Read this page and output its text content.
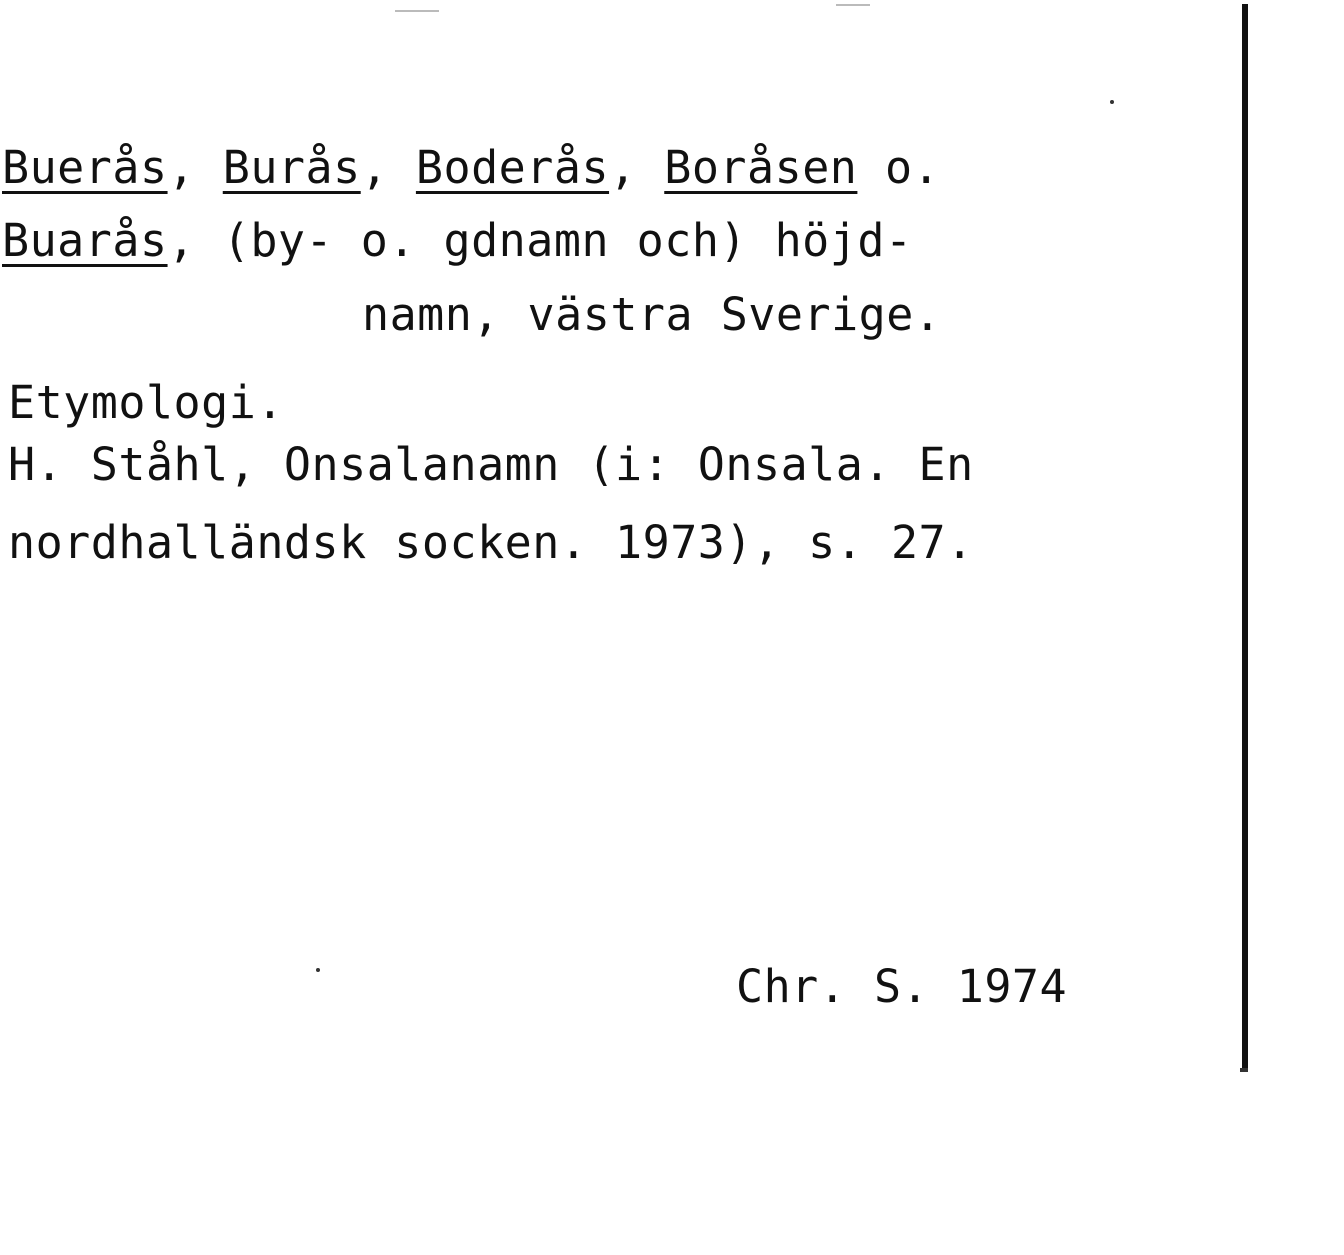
Buerås, Burås, Boderås, Boråsen o.
Buarås, (by- o. gdnamn och) höjd-
namn, västra Sverige.
Etymologi.
H. Ståhl, Onsalanamn (i: Onsala. En
nordhalländsk socken. 1973), s. 27.
Chr. S. 1974
